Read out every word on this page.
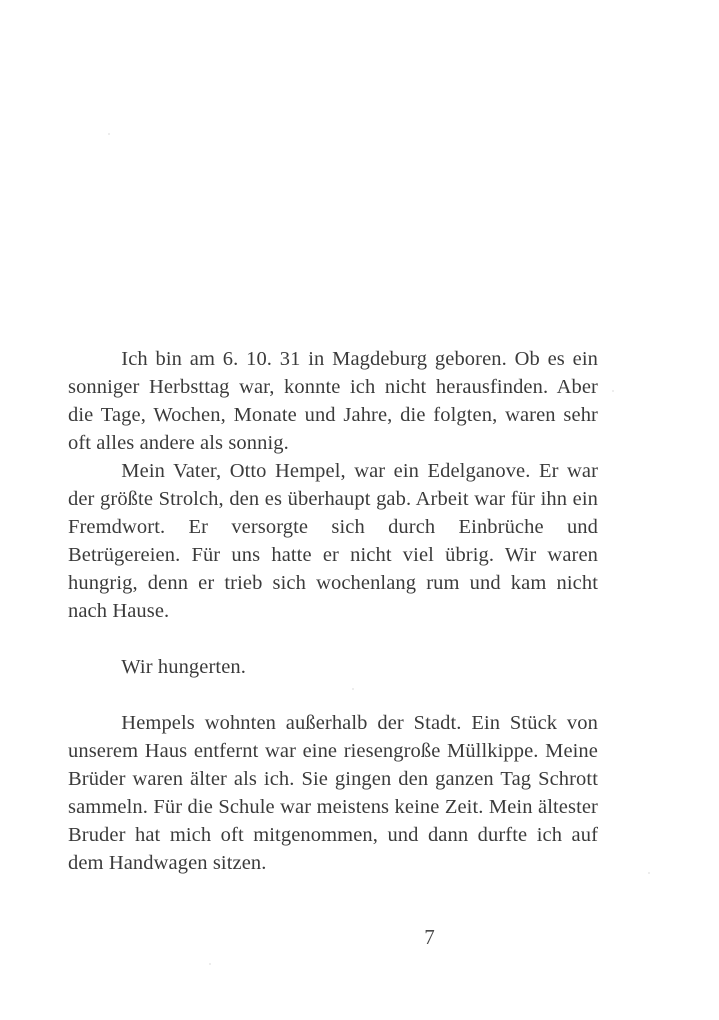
Ich bin am 6. 10. 31 in Magdeburg geboren. Ob es ein sonniger Herbsttag war, konnte ich nicht herausfinden. Aber die Tage, Wochen, Monate und Jahre, die folgten, waren sehr oft alles andere als sonnig.

Mein Vater, Otto Hempel, war ein Edelganove. Er war der größte Strolch, den es überhaupt gab. Arbeit war für ihn ein Fremdwort. Er versorgte sich durch Einbrüche und Betrügereien. Für uns hatte er nicht viel übrig. Wir waren hungrig, denn er trieb sich wochenlang rum und kam nicht nach Hause.

Wir hungerten.

Hempels wohnten außerhalb der Stadt. Ein Stück von unserem Haus entfernt war eine riesengroße Müllkippe. Meine Brüder waren älter als ich. Sie gingen den ganzen Tag Schrott sammeln. Für die Schule war meistens keine Zeit. Mein ältester Bruder hat mich oft mitgenommen, und dann durfte ich auf dem Handwagen sitzen.

7
